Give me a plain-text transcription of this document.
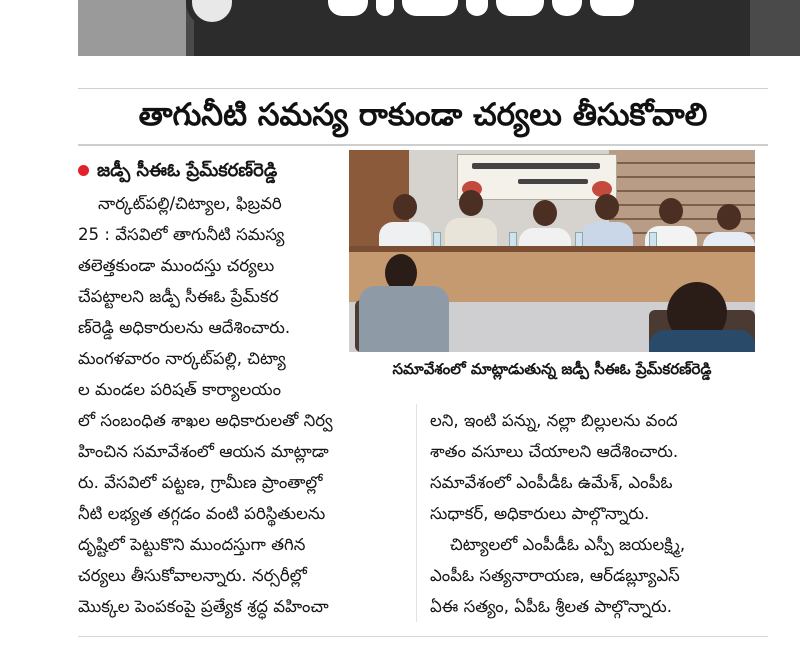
తాగునీటి సమస్య రాకుండా చర్యలు తీసుకోవాలి
జడ్పీ సీఈఓ ప్రేమ్‌కరణ్‌రెడ్డి
సమావేశంలో మాట్లాడుతున్న జడ్పీ సీఈఓ ప్రేమ్‌కరణ్‌రెడ్డి
నార్కట్‌పల్లి/చిట్యాల, ఫిబ్రవరి
25 : వేసవిలో తాగునీటి సమస్య
తలెత్తకుండా ముందస్తు చర్యలు
చేపట్టాలని జడ్పీ సీఈఓ ప్రేమ్‌కర
ణ్‌రెడ్డి అధికారులను ఆదేశించారు.
మంగళవారం నార్కట్‌పల్లి, చిట్యా
ల మండల పరిషత్ కార్యాలయం
లో సంబంధిత శాఖల అధికారులతో నిర్వ
హించిన సమావేశంలో ఆయన మాట్లాడా
రు. వేసవిలో పట్టణ, గ్రామీణ ప్రాంతాల్లో
నీటి లభ్యత తగ్గడం వంటి పరిస్థితులను
దృష్టిలో పెట్టుకొని ముందస్తుగా తగిన
చర్యలు తీసుకోవాలన్నారు. నర్సరీల్లో
మొక్కల పెంపకంపై ప్రత్యేక శ్రద్ధ వహించా
లని, ఇంటి పన్ను, నల్లా బిల్లులను వంద
శాతం వసూలు చేయాలని ఆదేశించారు.
సమావేశంలో ఎంపీడీఓ ఉమేశ్, ఎంపీఓ
సుధాకర్, అధికారులు పాల్గొన్నారు.
చిట్యాలలో ఎంపీడీఓ ఎస్పీ జయలక్ష్మి,
ఎంపీఓ సత్యనారాయణ, ఆర్‌డబ్ల్యూఎస్
ఏఈ సత్యం, ఏపీఓ శ్రీలత పాల్గొన్నారు.
